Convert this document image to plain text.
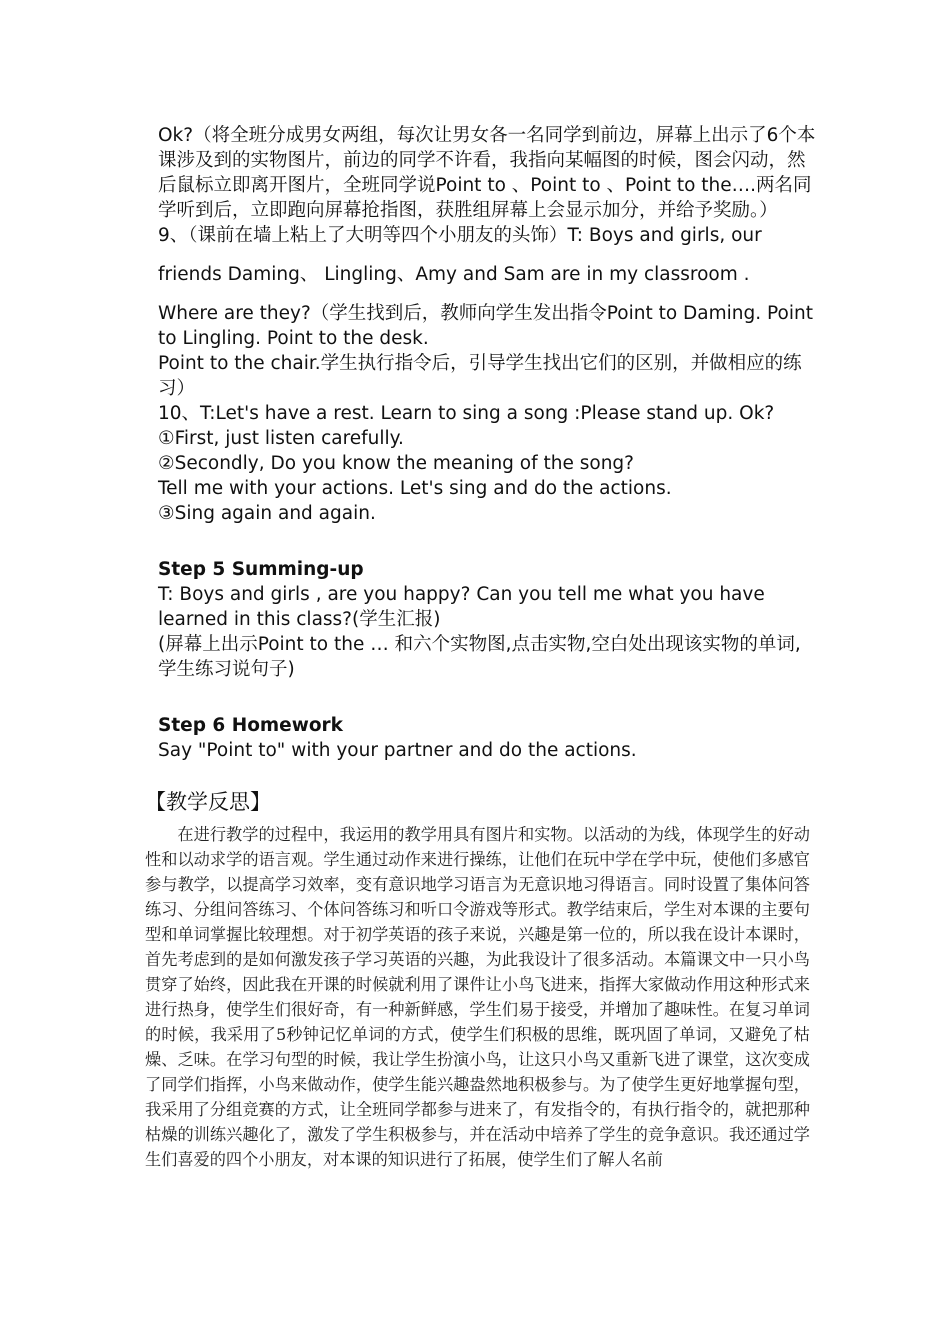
Ok?（将全班分成男女两组，每次让男女各一名同学到前边，屏幕上出示了6个本课涉及到的实物图片，前边的同学不许看，我指向某幅图的时候，图会闪动，然后鼠标立即离开图片，全班同学说Point to 、Point to 、Point to the….两名同学听到后，立即跑向屏幕抢指图，获胜组屏幕上会显示加分，并给予奖励。）

9、（课前在墙上粘上了大明等四个小朋友的头饰）T: Boys and girls, our

friends Daming、 Lingling、Amy and Sam are in my classroom .

Where are they?（学生找到后，教师向学生发出指令Point to Daming. Point to Lingling. Point to the desk.

Point to the chair.学生执行指令后，引导学生找出它们的区别，并做相应的练习）

10、T:Let's have a rest. Learn to sing a song :Please stand up. Ok?

①First, just listen carefully.

②Secondly, Do you know the meaning of the song?

Tell me with your actions. Let's sing and do the actions.

③Sing again and again.

Step 5 Summing-up

T: Boys and girls , are you happy? Can you tell me what you have learned in this class?(学生汇报)

(屏幕上出示Point to the … 和六个实物图,点击实物,空白处出现该实物的单词,学生练习说句子)

Step 6 Homework

Say "Point to" with your partner and do the actions.

【教学反思】
在进行教学的过程中，我运用的教学用具有图片和实物。以活动的为线，体现学生的好动性和以动求学的语言观。学生通过动作来进行操练，让他们在玩中学在学中玩，使他们多感官参与教学，以提高学习效率，变有意识地学习语言为无意识地习得语言。同时设置了集体问答练习、分组问答练习、个体问答练习和听口令游戏等形式。教学结束后，学生对本课的主要句型和单词掌握比较理想。对于初学英语的孩子来说，兴趣是第一位的，所以我在设计本课时，首先考虑到的是如何激发孩子学习英语的兴趣，为此我设计了很多活动。本篇课文中一只小鸟贯穿了始终，因此我在开课的时候就利用了课件让小鸟飞进来，指挥大家做动作用这种形式来进行热身，使学生们很好奇，有一种新鲜感，学生们易于接受，并增加了趣味性。在复习单词的时候，我采用了5秒钟记忆单词的方式，使学生们积极的思维，既巩固了单词，又避免了枯燥、乏味。在学习句型的时候，我让学生扮演小鸟，让这只小鸟又重新飞进了课堂，这次变成了同学们指挥，小鸟来做动作，使学生能兴趣盎然地积极参与。为了使学生更好地掌握句型，我采用了分组竞赛的方式，让全班同学都参与进来了，有发指令的，有执行指令的，就把那种枯燥的训练兴趣化了，激发了学生积极参与，并在活动中培养了学生的竞争意识。我还通过学生们喜爱的四个小朋友，对本课的知识进行了拓展，使学生们了解人名前
